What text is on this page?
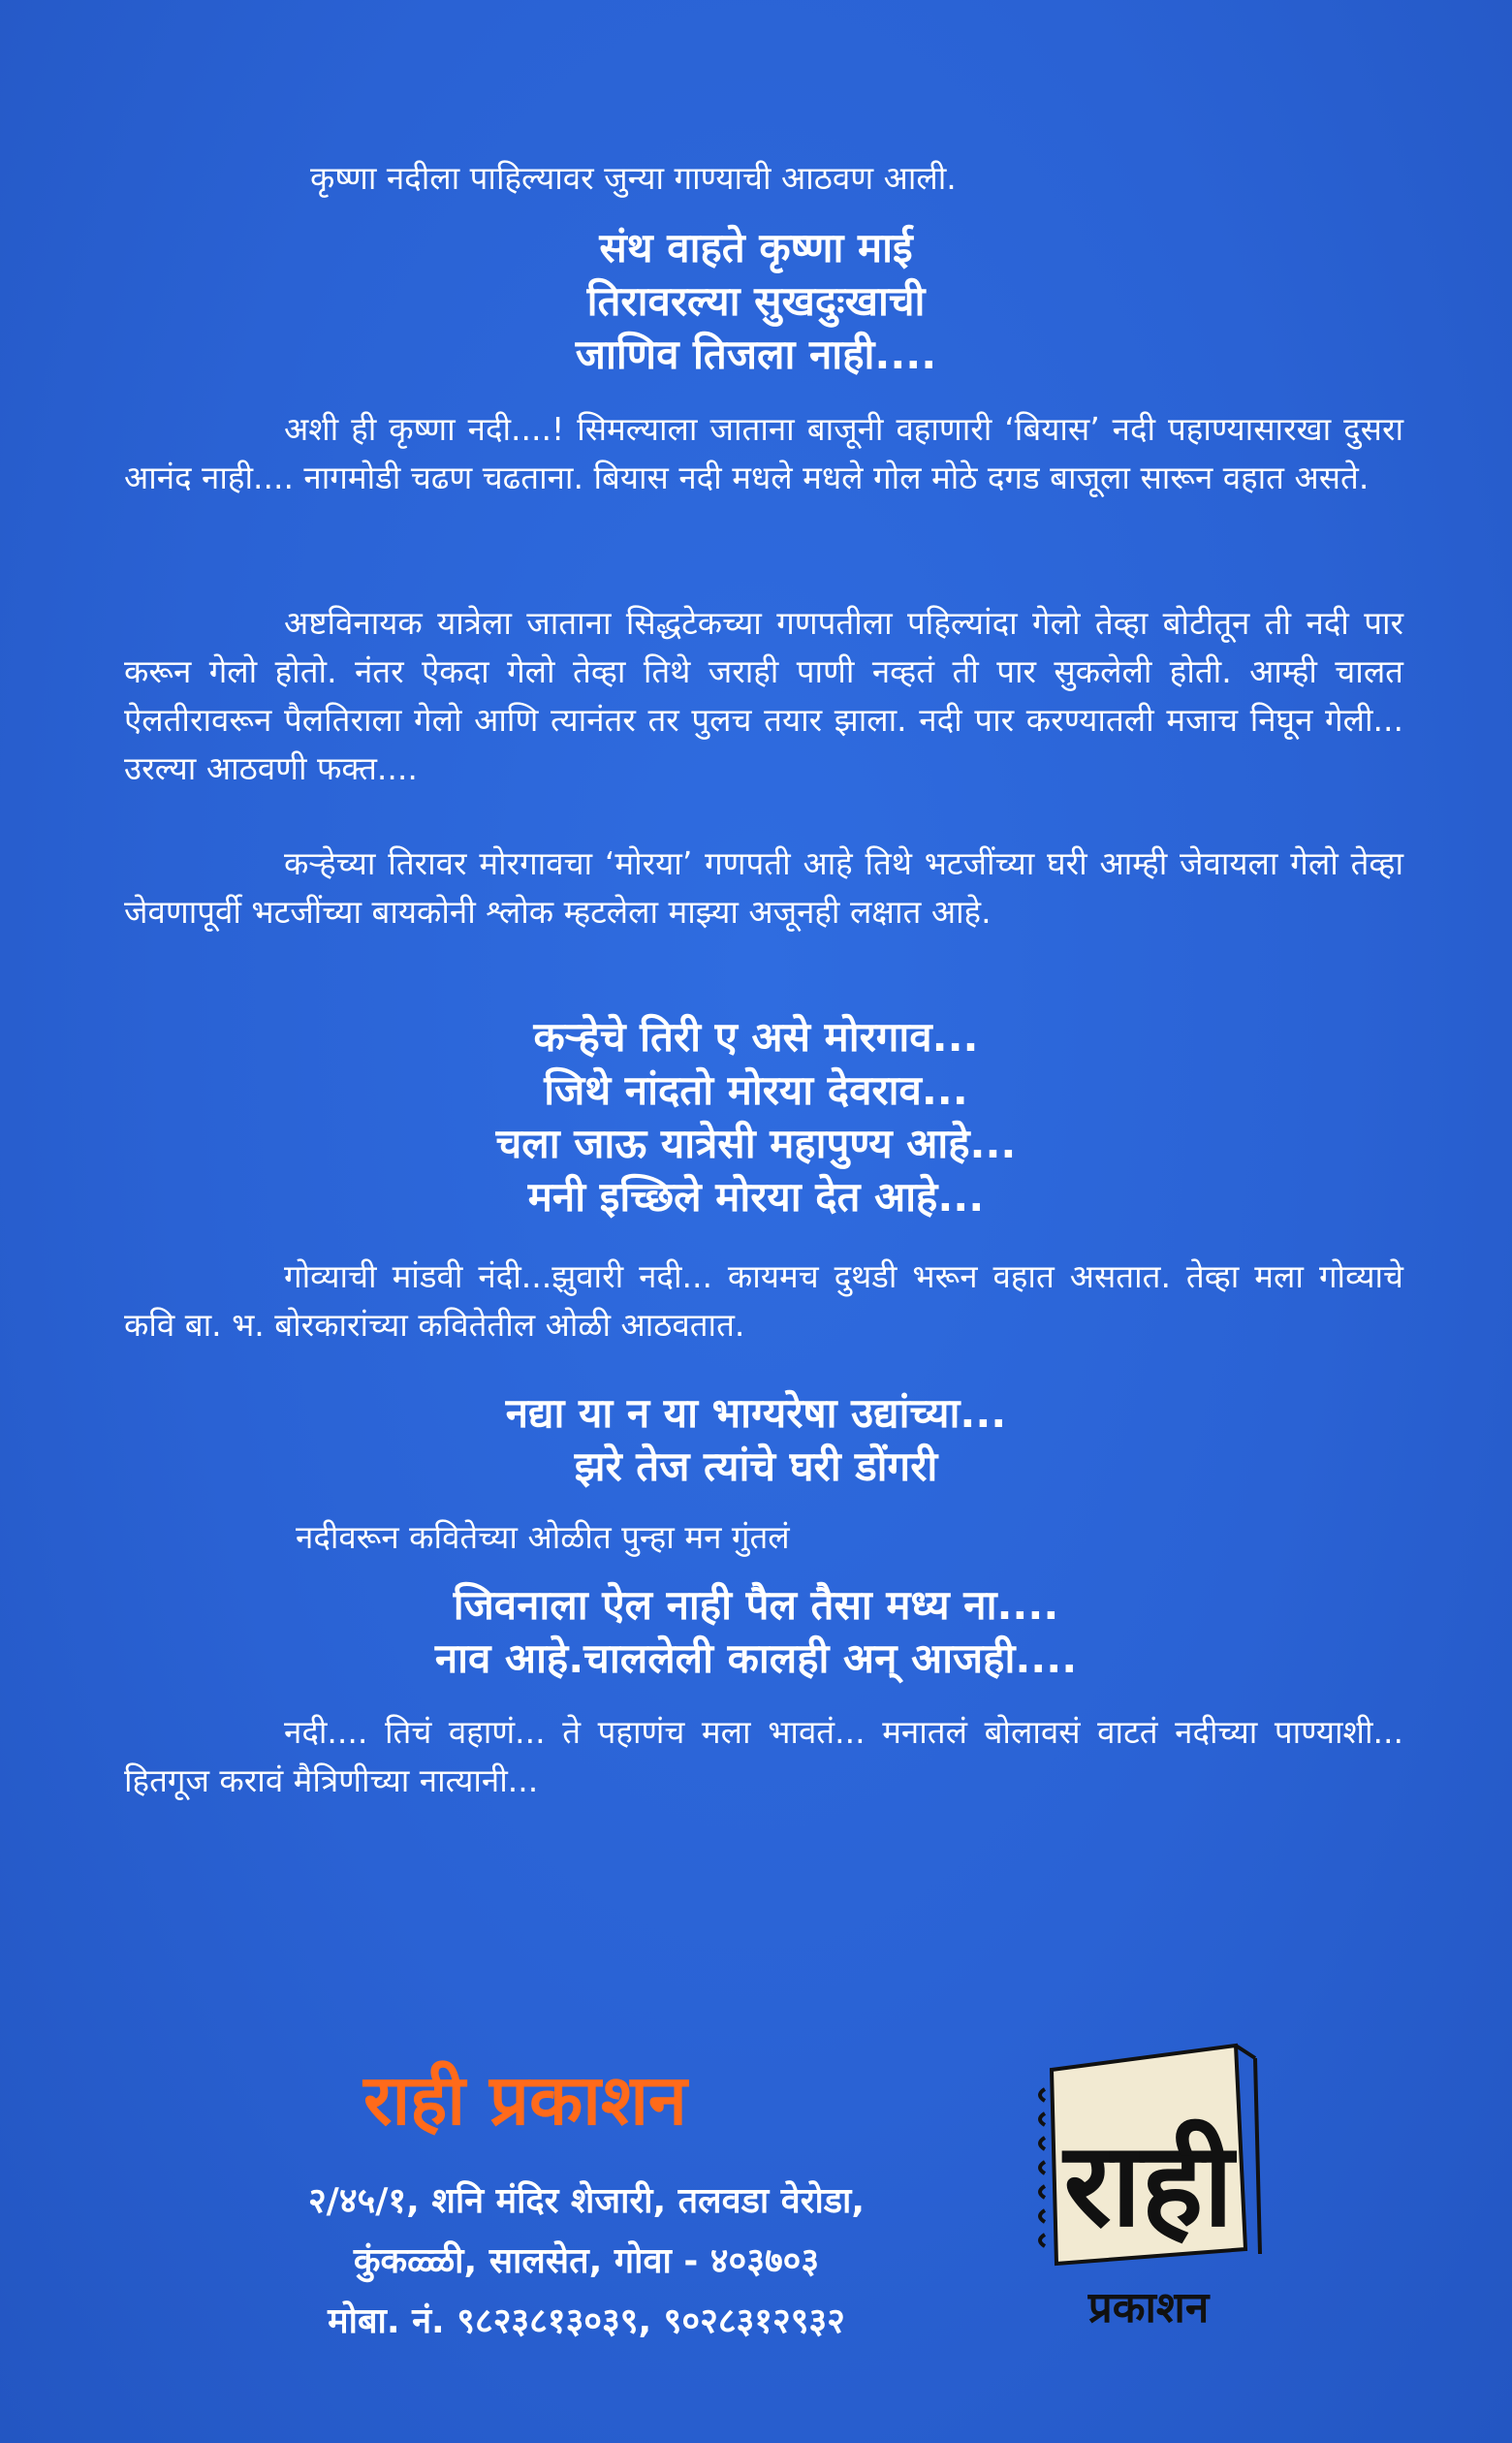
कृष्णा नदीला पाहिल्यावर जुन्या गाण्याची आठवण आली.

संथ वाहते कृष्णा माई
तिरावरल्या सुखदुःखाची
जाणिव तिजला नाही....

अशी ही कृष्णा नदी....! सिमल्याला जाताना बाजूनी वहाणारी ‘बियास’ नदी पहाण्यासारखा दुसरा आनंद नाही.... नागमोडी चढण चढताना. बियास नदी मधले मधले गोल मोठे दगड बाजूला सारून वहात असते.

अष्टविनायक यात्रेला जाताना सिद्धटेकच्या गणपतीला पहिल्यांदा गेलो तेव्हा बोटीतून ती नदी पार करून गेलो होतो. नंतर ऐकदा गेलो तेव्हा तिथे जराही पाणी नव्हतं ती पार सुकलेली होती. आम्ही चालत ऐलतीरावरून पैलतिराला गेलो आणि त्यानंतर तर पुलच तयार झाला. नदी पार करण्यातली मजाच निघून गेली... उरल्या आठवणी फक्त....

कऱ्हेच्या तिरावर मोरगावचा ‘मोरया’ गणपती आहे तिथे भटजींच्या घरी आम्ही जेवायला गेलो तेव्हा जेवणापूर्वी भटजींच्या बायकोनी श्लोक म्हटलेला माझ्या अजूनही लक्षात आहे.

कऱ्हेचे तिरी ए असे मोरगाव...
जिथे नांदतो मोरया देवराव...
चला जाऊ यात्रेसी महापुण्य आहे...
मनी इच्छिले मोरया देत आहे...

गोव्याची मांडवी नंदी...झुवारी नदी... कायमच दुथडी भरून वहात असतात. तेव्हा मला गोव्याचे कवि बा. भ. बोरकारांच्या कवितेतील ओळी आठवतात.

नद्या या न या भाग्यरेषा उद्यांच्या...
झरे तेज त्यांचे घरी डोंगरी

नदीवरून कवितेच्या ओळीत पुन्हा मन गुंतलं

जिवनाला ऐल नाही पैल तैसा मध्य ना....
नाव आहे.चाललेली कालही अन् आजही....

नदी.... तिचं वहाणं... ते पहाणंच मला भावतं... मनातलं बोलावसं वाटतं नदीच्या पाण्याशी... हितगूज करावं मैत्रिणीच्या नात्यानी...

राही प्रकाशन
२/४५/१, शनि मंदिर शेजारी, तलवडा वेरोडा,
कुंकळ्ळी, सालसेत, गोवा - ४०३७०३
मोबा. नं. ९८२३८१३०३९, ९०२८३१२९३२
राही
प्रकाशन
